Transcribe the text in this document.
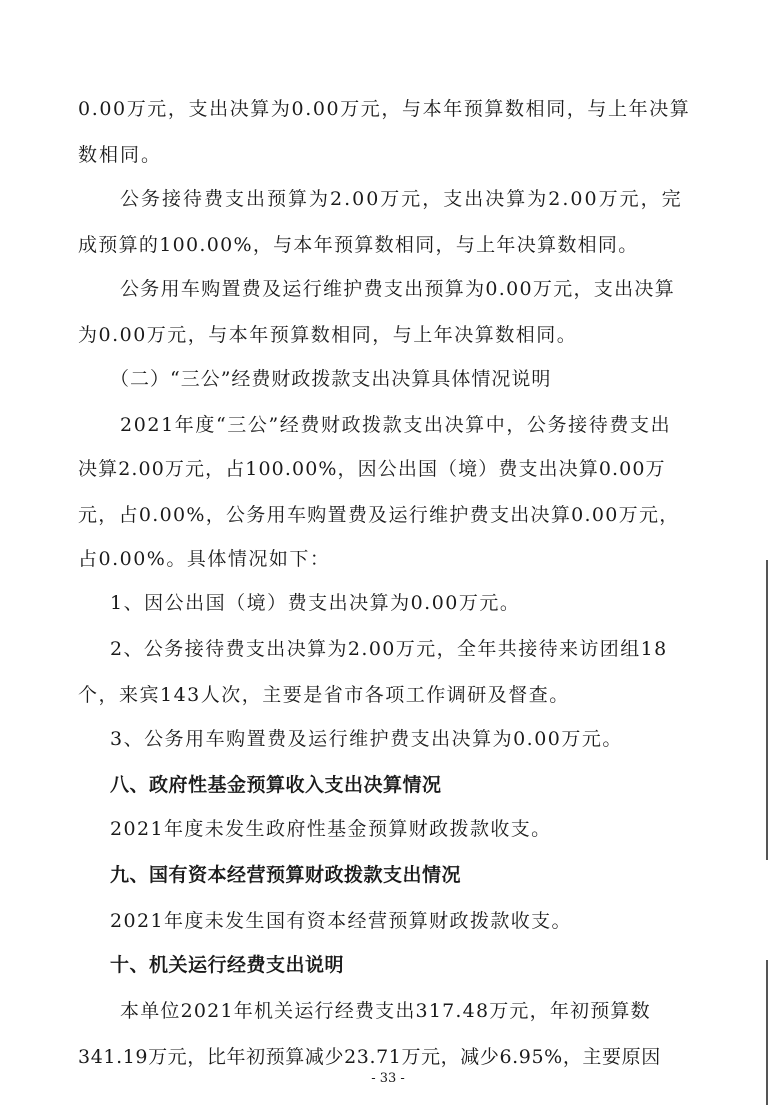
0.00万元，支出决算为0.00万元，与本年预算数相同，与上年决算

数相同。

公务接待费支出预算为2.00万元，支出决算为2.00万元，完

成预算的100.00%，与本年预算数相同，与上年决算数相同。

公务用车购置费及运行维护费支出预算为0.00万元，支出决算

为0.00万元，与本年预算数相同，与上年决算数相同。

（二）“三公”经费财政拨款支出决算具体情况说明

2021年度“三公”经费财政拨款支出决算中，公务接待费支出

决算2.00万元，占100.00%，因公出国（境）费支出决算0.00万

元，占0.00%，公务用车购置费及运行维护费支出决算0.00万元，

占0.00%。具体情况如下：

1、因公出国（境）费支出决算为0.00万元。

2、公务接待费支出决算为2.00万元，全年共接待来访团组18

个，来宾143人次，主要是省市各项工作调研及督查。

3、公务用车购置费及运行维护费支出决算为0.00万元。

八、政府性基金预算收入支出决算情况

2021年度未发生政府性基金预算财政拨款收支。

九、国有资本经营预算财政拨款支出情况

2021年度未发生国有资本经营预算财政拨款收支。

十、机关运行经费支出说明

本单位2021年机关运行经费支出317.48万元，年初预算数

341.19万元，比年初预算减少23.71万元，减少6.95%，主要原因

- 33 -
